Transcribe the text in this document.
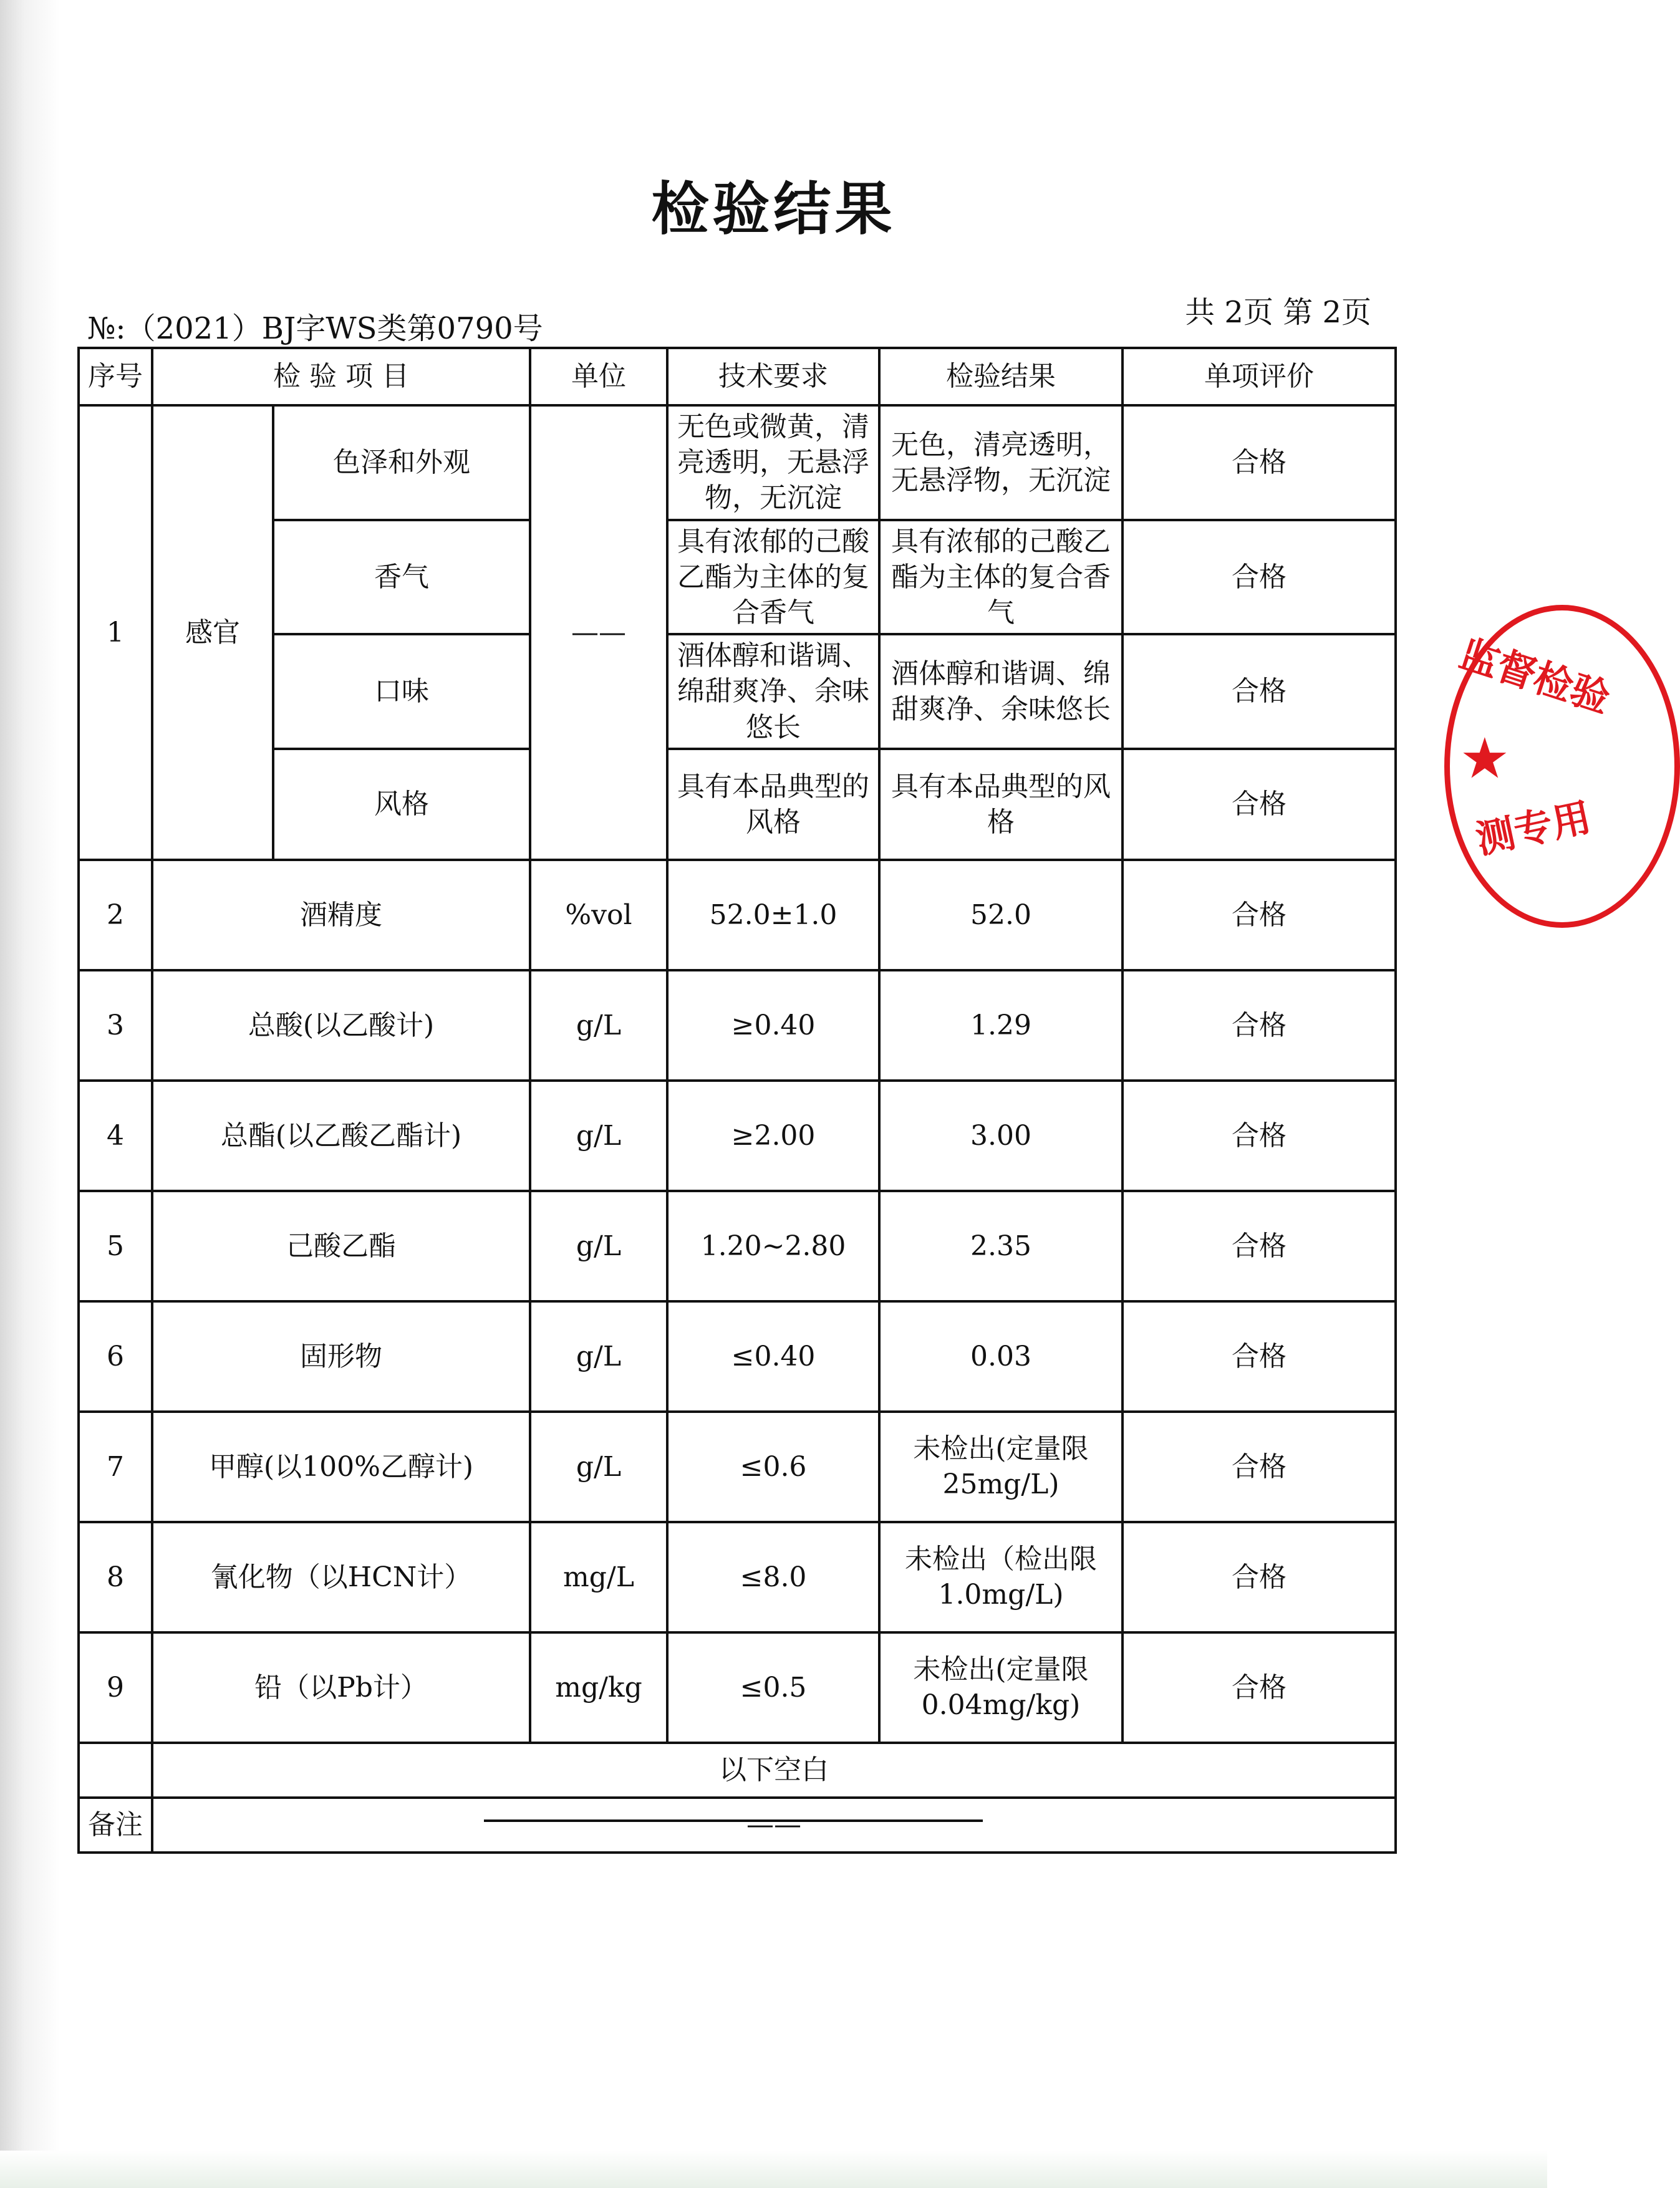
检验结果
№:（2021）BJ字WS类第0790号	共 2页 第 2页
序号	检 验 项 目		单位	技术要求	检验结果	单项评价
1	感官	色泽和外观	——	无色或微黄，清亮透明，无悬浮物，无沉淀	无色，清亮透明，无悬浮物，无沉淀	合格
		香气		具有浓郁的己酸乙酯为主体的复合香气	具有浓郁的己酸乙酯为主体的复合香气	合格
		口味		酒体醇和谐调、绵甜爽净、余味悠长	酒体醇和谐调、绵甜爽净、余味悠长	合格
		风格		具有本品典型的风格	具有本品典型的风格	合格
2	酒精度		%vol	52.0±1.0	52.0	合格
3	总酸(以乙酸计)		g/L	≥0.40	1.29	合格
4	总酯(以乙酸乙酯计)		g/L	≥2.00	3.00	合格
5	己酸乙酯		g/L	1.20~2.80	2.35	合格
6	固形物		g/L	≤0.40	0.03	合格
7	甲醇(以100%乙醇计)		g/L	≤0.6	未检出(定量限25mg/L)	合格
8	氰化物（以HCN计）		mg/L	≤8.0	未检出（检出限1.0mg/L)	合格
9	铅（以Pb计）		mg/kg	≤0.5	未检出(定量限0.04mg/kg)	合格
	以下空白					
备注	——					
监督检验
★
测专用
